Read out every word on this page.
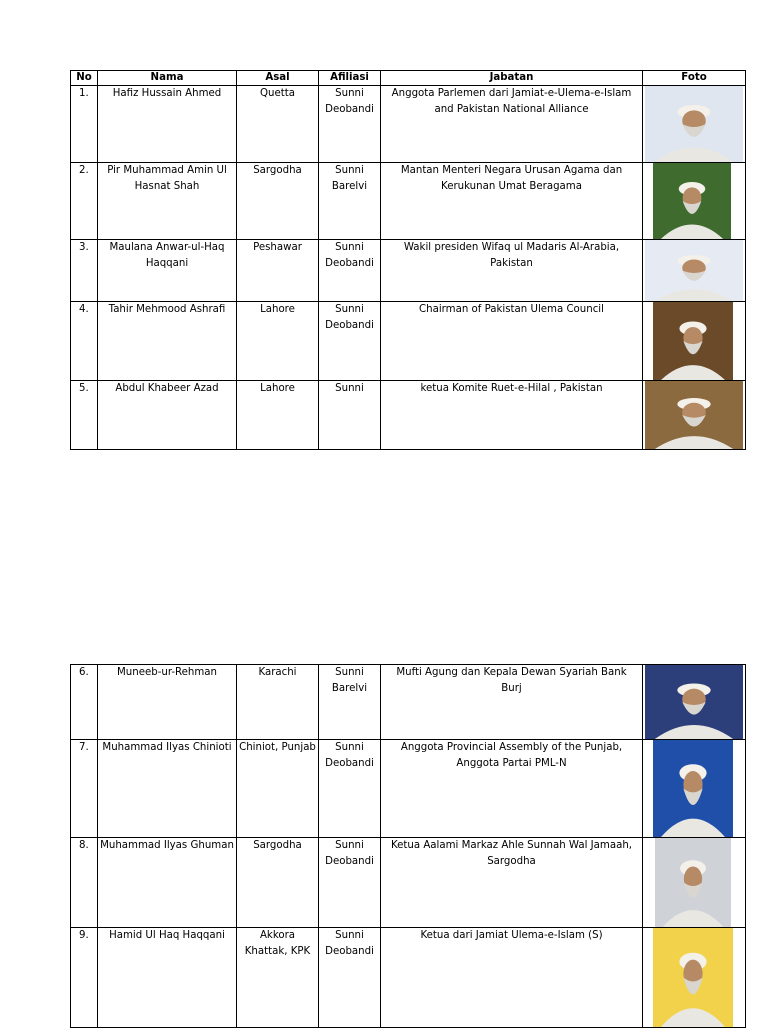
No	Nama	Asal	Afiliasi	Jabatan	Foto
1.	Hafiz Hussain Ahmed	Quetta	Sunni Deobandi	Anggota Parlemen dari Jamiat-e-Ulema-e-Islam and Pakistan National Alliance	

2.	Pir Muhammad Amin Ul Hasnat Shah	Sargodha	Sunni Barelvi	Mantan Menteri Negara Urusan Agama dan Kerukunan Umat Beragama	

3.	Maulana Anwar-ul-Haq Haqqani	Peshawar	Sunni Deobandi	Wakil presiden Wifaq ul Madaris Al-Arabia, Pakistan	

4.	Tahir Mehmood Ashrafi	Lahore	Sunni Deobandi	Chairman of Pakistan Ulema Council	

5.	Abdul Khabeer Azad	Lahore	Sunni	ketua Komite Ruet-e-Hilal , Pakistan	
6.	Muneeb-ur-Rehman	Karachi	Sunni Barelvi	Mufti Agung dan Kepala Dewan Syariah Bank Burj	

7.	Muhammad Ilyas Chinioti	Chiniot, Punjab	Sunni Deobandi	Anggota Provincial Assembly of the Punjab, Anggota Partai PML-N	

8.	Muhammad Ilyas Ghuman	Sargodha	Sunni Deobandi	Ketua Aalami Markaz Ahle Sunnah Wal Jamaah, Sargodha	

9.	Hamid Ul Haq Haqqani	Akkora Khattak, KPK	Sunni Deobandi	Ketua dari Jamiat Ulema-e-Islam (S)	
